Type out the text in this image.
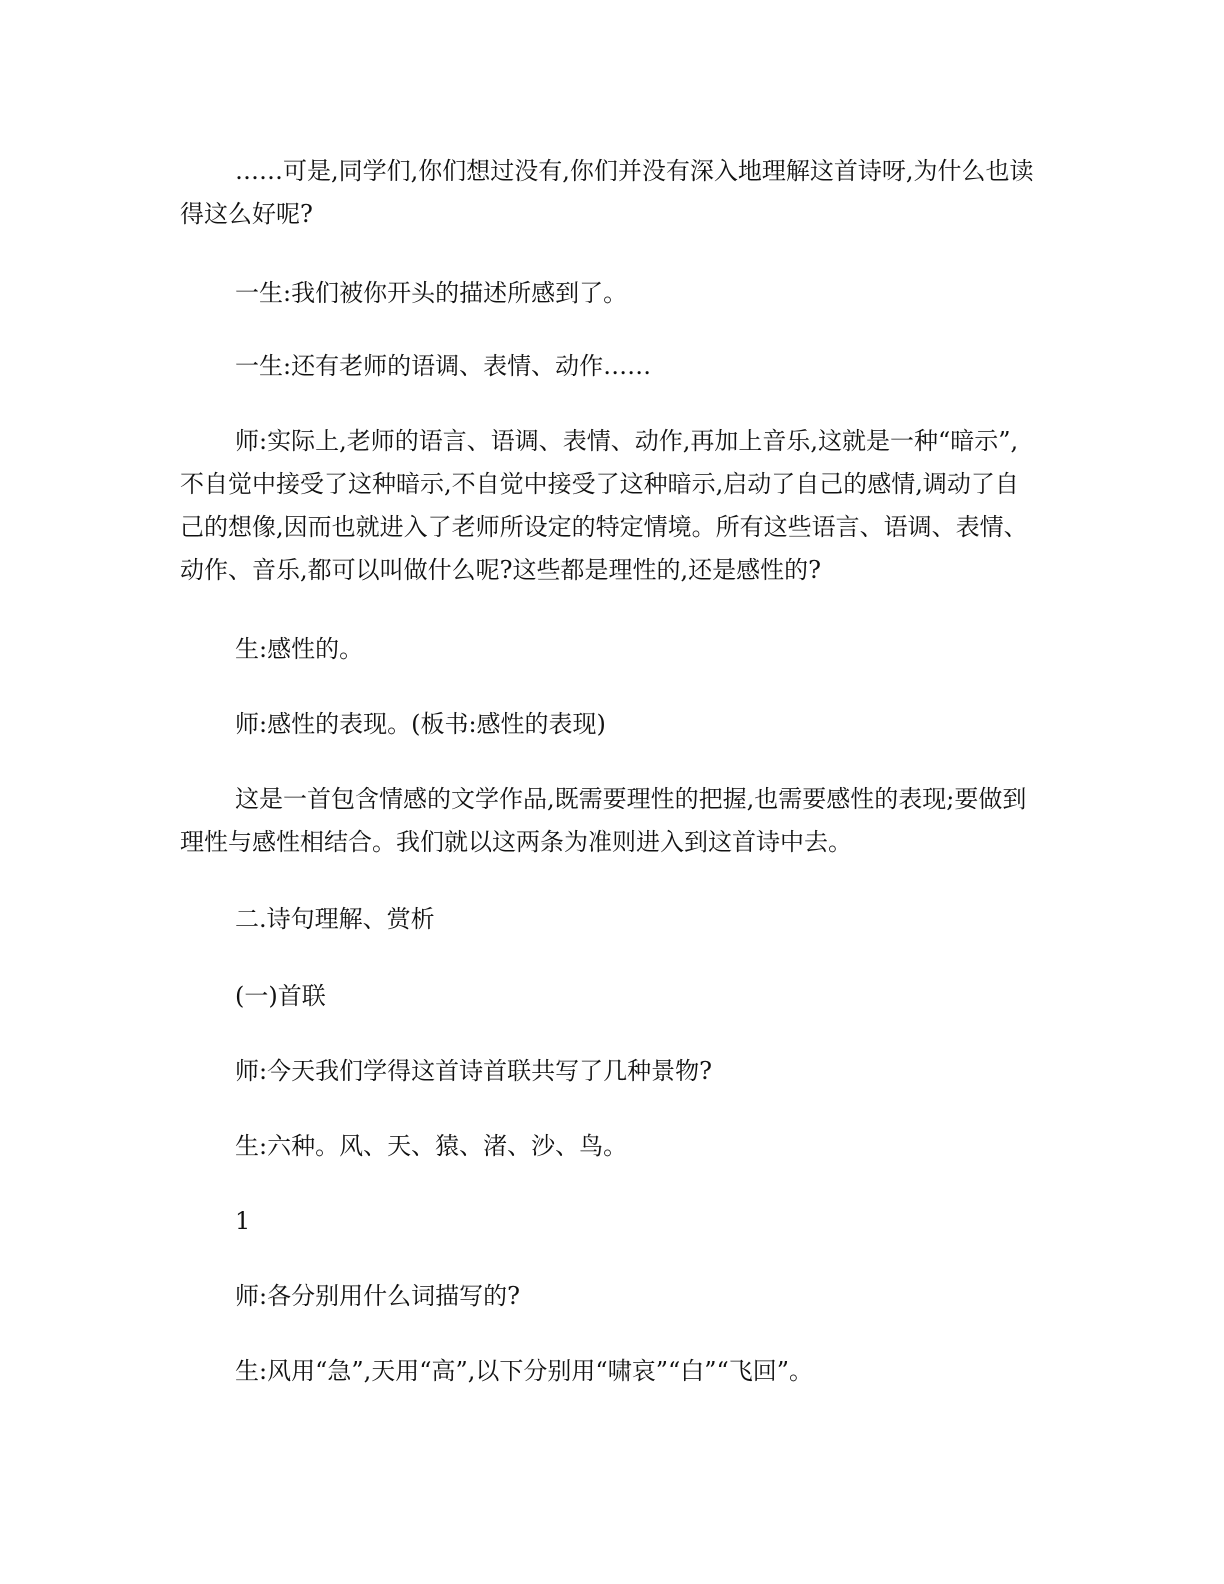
……可是,同学们,你们想过没有,你们并没有深入地理解这首诗呀,为什么也读得这么好呢?

一生:我们被你开头的描述所感到了。

一生:还有老师的语调、表情、动作……

师:实际上,老师的语言、语调、表情、动作,再加上音乐,这就是一种“暗示”,不自觉中接受了这种暗示,不自觉中接受了这种暗示,启动了自己的感情,调动了自己的想像,因而也就进入了老师所设定的特定情境。所有这些语言、语调、表情、动作、音乐,都可以叫做什么呢?这些都是理性的,还是感性的?

生:感性的。

师:感性的表现。(板书:感性的表现)

这是一首包含情感的文学作品,既需要理性的把握,也需要感性的表现;要做到理性与感性相结合。我们就以这两条为准则进入到这首诗中去。

二.诗句理解、赏析

(一)首联

师:今天我们学得这首诗首联共写了几种景物?

生:六种。风、天、猿、渚、沙、鸟。

1

师:各分别用什么词描写的?

生:风用“急”,天用“高”,以下分别用“啸哀”“白”“飞回”。
